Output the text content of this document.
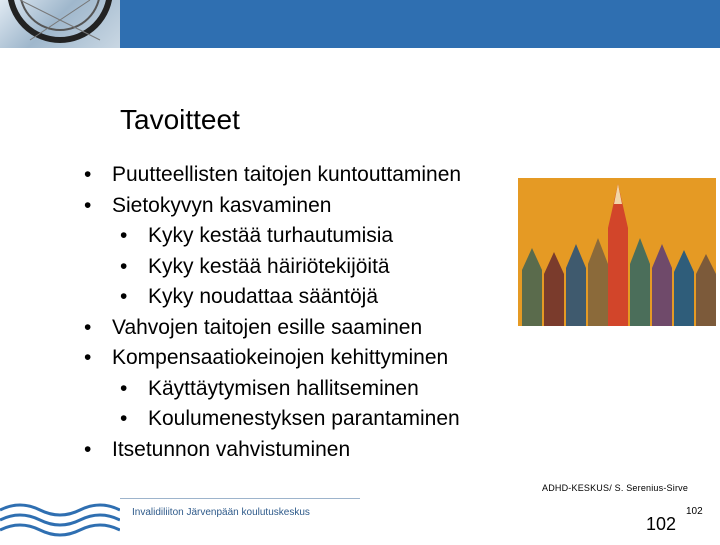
Tavoitteet
• Puutteellisten taitojen kuntouttaminen
• Sietokyvyn kasvaminen
• Kyky kestää turhautumisia
• Kyky kestää häiriötekijöitä
• Kyky noudattaa sääntöjä
• Vahvojen taitojen esille saaminen
• Kompensaatiokeinojen kehittyminen
• Käyttäytymisen hallitseminen
• Koulumenestyksen parantaminen
• Itsetunnon vahvistuminen
ADHD-KESKUS/ S. Serenius-Sirve
Invalidiliiton Järvenpään koulutuskeskus
102
102
